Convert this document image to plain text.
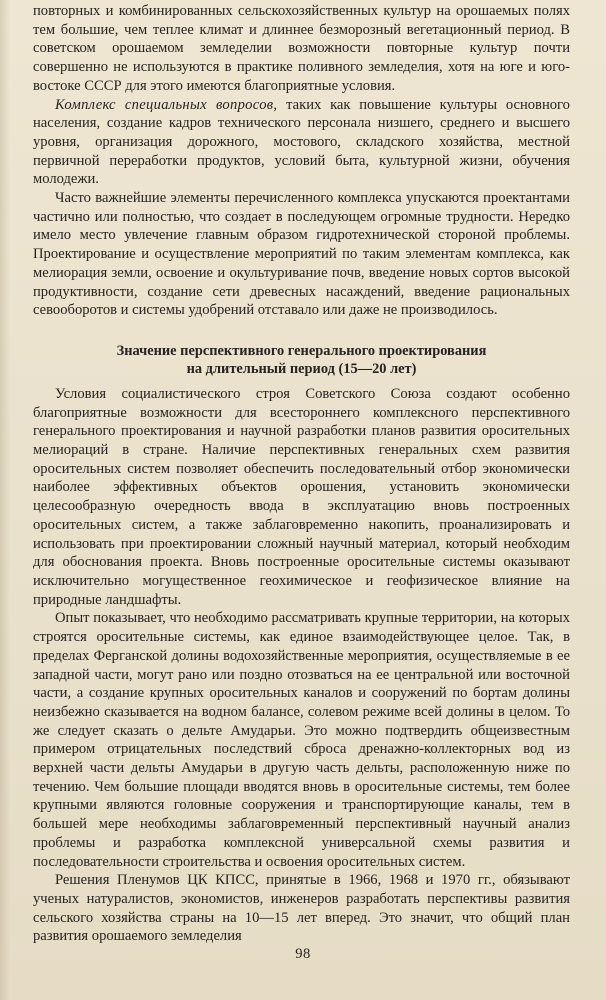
повторных и комбинированных сельскохозяйственных культур на орошаемых полях тем большие, чем теплее климат и длиннее безморозный вегетационный период. В советском орошаемом земледелии возможности повторные культур почти совершенно не используются в практике поливного земледелия, хотя на юге и юго-востоке СССР для этого имеются благоприятные условия.

Комплекс специальных вопросов, таких как повышение культуры основного населения, создание кадров технического персонала низшего, среднего и высшего уровня, организация дорожного, мостового, складского хозяйства, местной первичной переработки продуктов, условий быта, культурной жизни, обучения молодежи.

Часто важнейшие элементы перечисленного комплекса упускаются проектантами частично или полностью, что создает в последующем огромные трудности. Нередко имело место увлечение главным образом гидротехнической стороной проблемы. Проектирование и осуществление мероприятий по таким элементам комплекса, как мелиорация земли, освоение и окультуривание почв, введение новых сортов высокой продуктивности, создание сети древесных насаждений, введение рациональных севооборотов и системы удобрений отставало или даже не производилось.

Значение перспективного генерального проектирования

на длительный период (15—20 лет)

Условия социалистического строя Советского Союза создают особенно благоприятные возможности для всестороннего комплексного перспективного генерального проектирования и научной разработки планов развития оросительных мелиораций в стране. Наличие перспективных генеральных схем развития оросительных систем позволяет обеспечить последовательный отбор экономически наиболее эффективных объектов орошения, установить экономически целесообразную очередность ввода в эксплуатацию вновь построенных оросительных систем, а также заблаговременно накопить, проанализировать и использовать при проектировании сложный научный материал, который необходим для обоснования проекта. Вновь построенные оросительные системы оказывают исключительно могущественное геохимическое и геофизическое влияние на природные ландшафты.

Опыт показывает, что необходимо рассматривать крупные территории, на которых строятся оросительные системы, как единое взаимодействующее целое. Так, в пределах Ферганской долины водохозяйственные мероприятия, осуществляемые в ее западной части, могут рано или поздно отозваться на ее центральной или восточной части, а создание крупных оросительных каналов и сооружений по бортам долины неизбежно сказывается на водном балансе, солевом режиме всей долины в целом. То же следует сказать о дельте Амударьи. Это можно подтвердить общеизвестным примером отрицательных последствий сброса дренажно-коллекторных вод из верхней части дельты Амударьи в другую часть дельты, расположенную ниже по течению. Чем большие площади вводятся вновь в оросительные системы, тем более крупными являются головные сооружения и транспортирующие каналы, тем в большей мере необходимы заблаговременный перспективный научный анализ проблемы и разработка комплексной универсальной схемы развития и последовательности строительства и освоения оросительных систем.

Решения Пленумов ЦК КПСС, принятые в 1966, 1968 и 1970 гг., обязывают ученых натуралистов, экономистов, инженеров разработать перспективы развития сельского хозяйства страны на 10—15 лет вперед. Это значит, что общий план развития орошаемого земледелия

98
